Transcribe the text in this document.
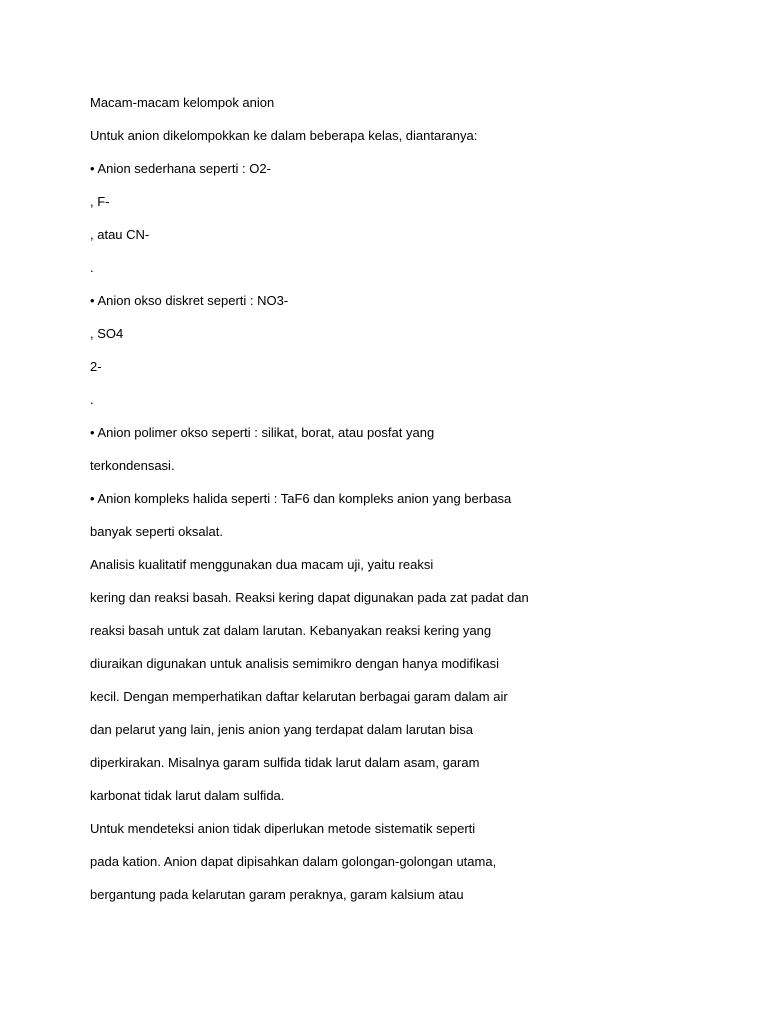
Macam-macam kelompok anion

Untuk anion dikelompokkan ke dalam beberapa kelas, diantaranya:

• Anion sederhana seperti : O2-

, F-

, atau CN-

.

• Anion okso diskret seperti : NO3-

, SO4

2-

.

• Anion polimer okso seperti : silikat, borat, atau posfat yang

terkondensasi.

• Anion kompleks halida seperti : TaF6 dan kompleks anion yang berbasa

banyak seperti oksalat.

Analisis kualitatif menggunakan dua macam uji, yaitu reaksi

kering dan reaksi basah. Reaksi kering dapat digunakan pada zat padat dan

reaksi basah untuk zat dalam larutan. Kebanyakan reaksi kering yang

diuraikan digunakan untuk analisis semimikro dengan hanya modifikasi

kecil. Dengan memperhatikan daftar kelarutan berbagai garam dalam air

dan pelarut yang lain, jenis anion yang terdapat dalam larutan bisa

diperkirakan. Misalnya garam sulfida tidak larut dalam asam, garam

karbonat tidak larut dalam sulfida.

Untuk mendeteksi anion tidak diperlukan metode sistematik seperti

pada kation. Anion dapat dipisahkan dalam golongan-golongan utama,

bergantung pada kelarutan garam peraknya, garam kalsium atau
